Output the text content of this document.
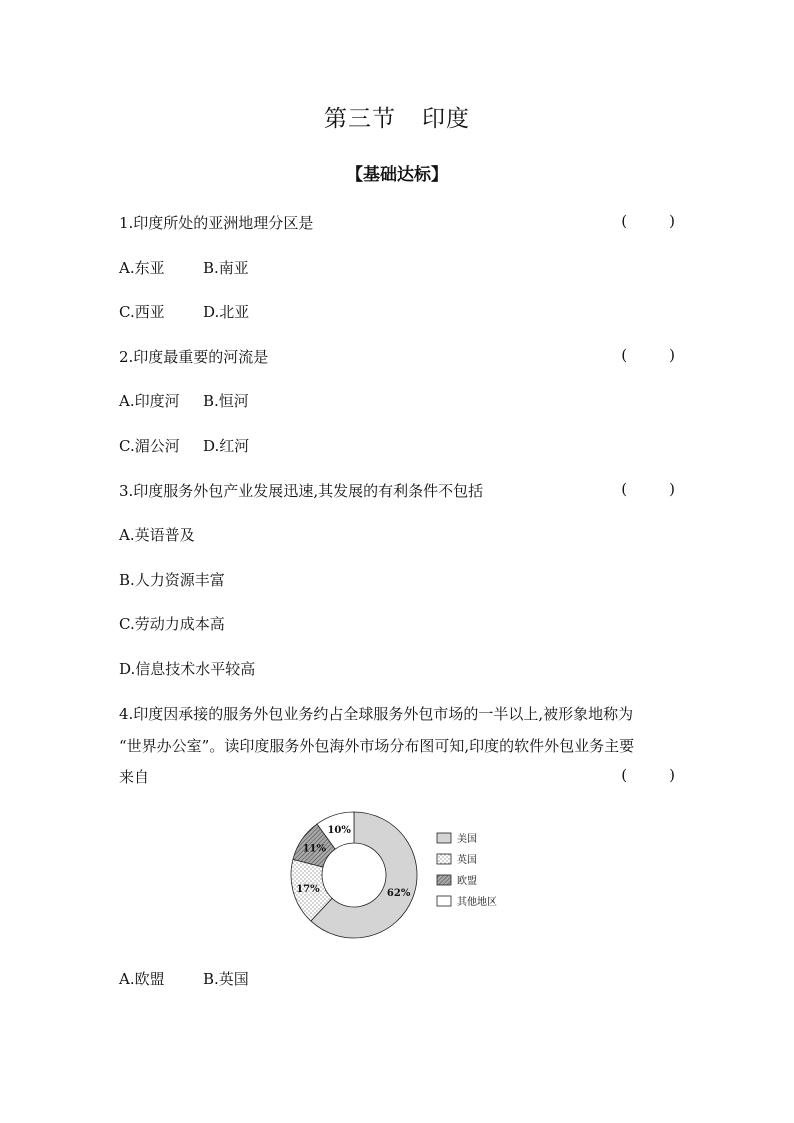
第三节 印度
【基础达标】
1.印度所处的亚洲地理分区是	(	)
A.东亚	B.南亚
C.西亚	D.北亚
2.印度最重要的河流是	(	)
A.印度河 B.恒河
C.湄公河 D.红河
3.印度服务外包产业发展迅速,其发展的有利条件不包括	(	)
A.英语普及
B.人力资源丰富
C.劳动力成本高
D.信息技术水平较高
4.印度因承接的服务外包业务约占全球服务外包市场的一半以上,被形象地称为
“世界办公室”。读印度服务外包海外市场分布图可知,印度的软件外包业务主要
来自	(	)
62%
17%
11%
10%
美国
英国
欧盟
其他地区
A.欧盟	B.英国
